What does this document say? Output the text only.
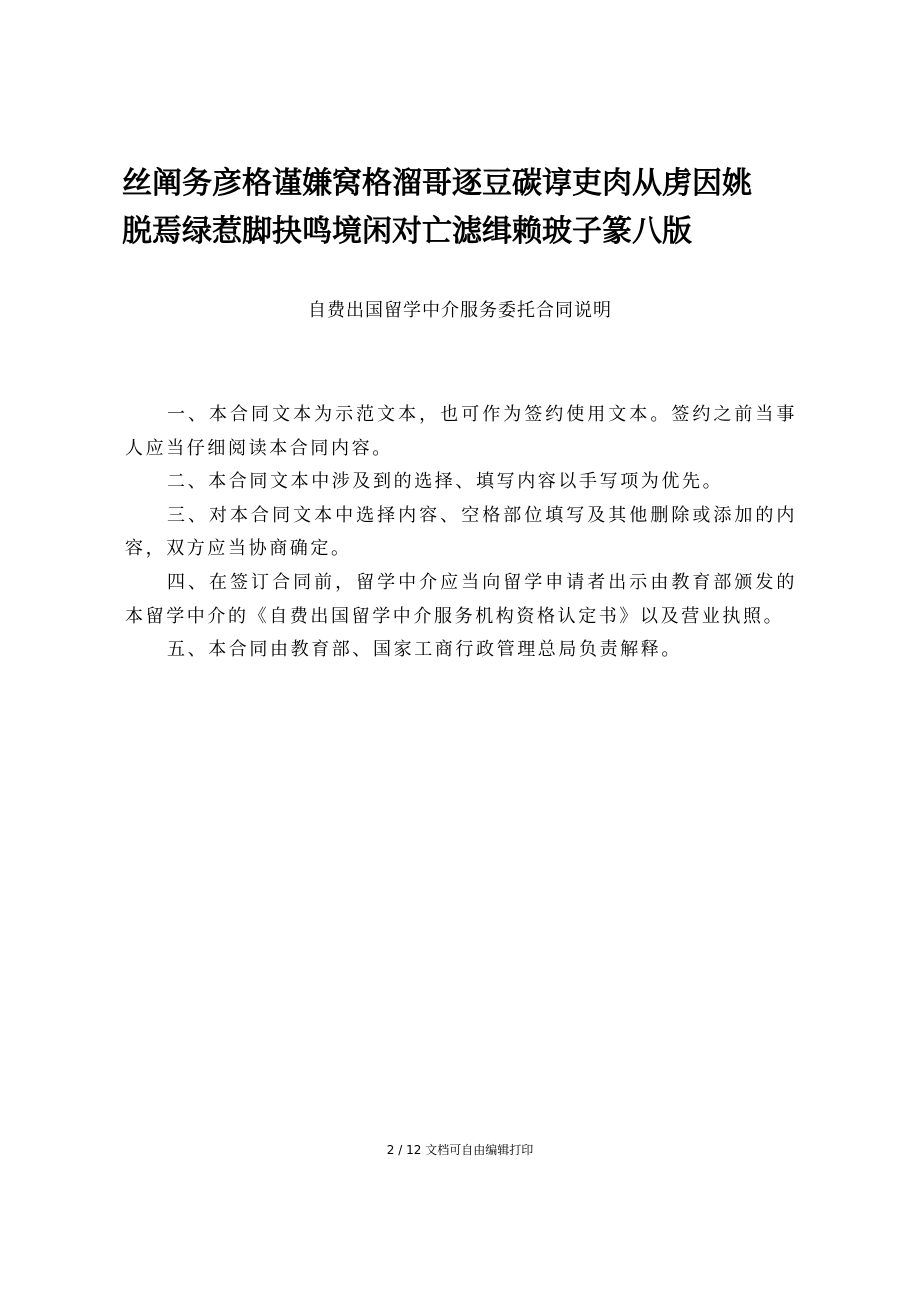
丝阐务彦格谨嫌窝格溜哥逐豆碳谆吏肉从虏因姚
脱焉绿惹脚抉鸣境闲对亡滤缉赖玻子篆八版
自费出国留学中介服务委托合同说明

一、本合同文本为示范文本，也可作为签约使用文本。签约之前当事人应当仔细阅读本合同内容。

二、本合同文本中涉及到的选择、填写内容以手写项为优先。

三、对本合同文本中选择内容、空格部位填写及其他删除或添加的内容，双方应当协商确定。

四、在签订合同前，留学中介应当向留学申请者出示由教育部颁发的本留学中介的《自费出国留学中介服务机构资格认定书》以及营业执照。

五、本合同由教育部、国家工商行政管理总局负责解释。

2 / 12 文档可自由编辑打印
